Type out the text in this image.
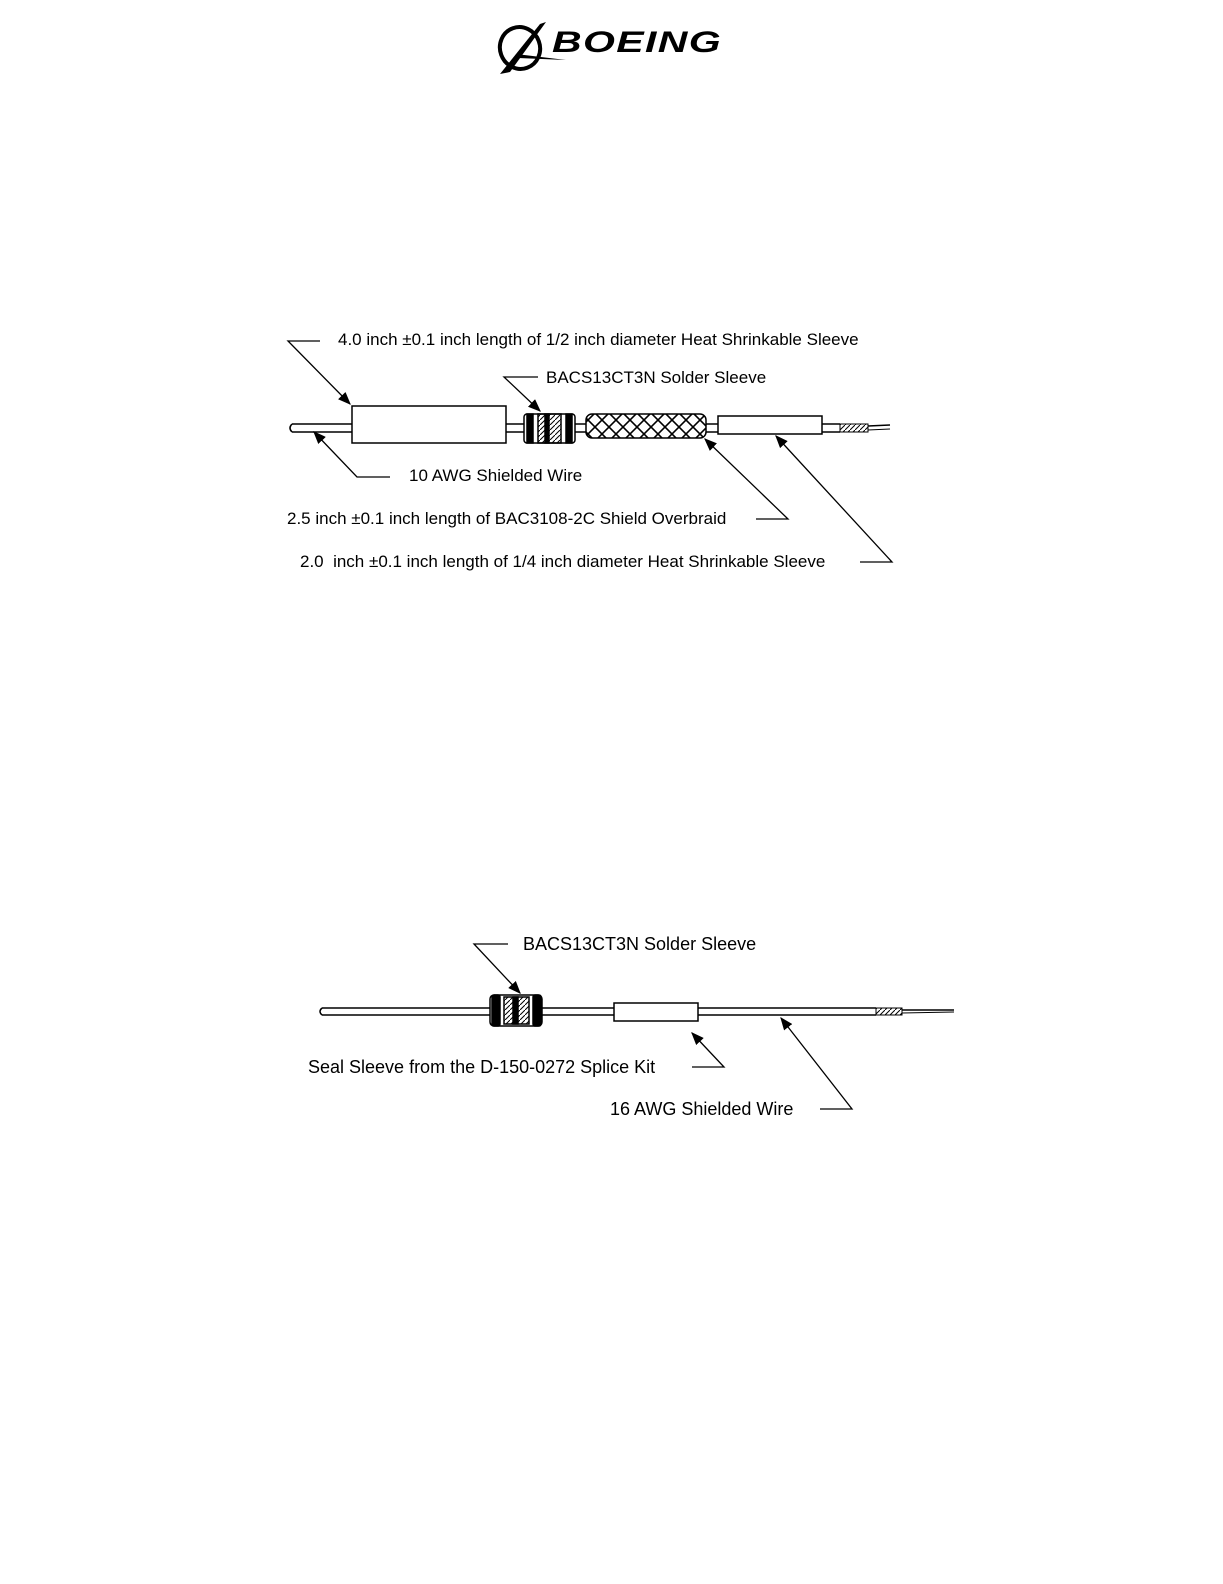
BOEING
4.0 inch ±0.1 inch length of 1/2 inch diameter Heat Shrinkable Sleeve
BACS13CT3N Solder Sleeve
10 AWG Shielded Wire
2.5 inch ±0.1 inch length of BAC3108-2C Shield Overbraid
2.0  inch ±0.1 inch length of 1/4 inch diameter Heat Shrinkable Sleeve
BACS13CT3N Solder Sleeve
Seal Sleeve from the D-150-0272 Splice Kit
16 AWG Shielded Wire
